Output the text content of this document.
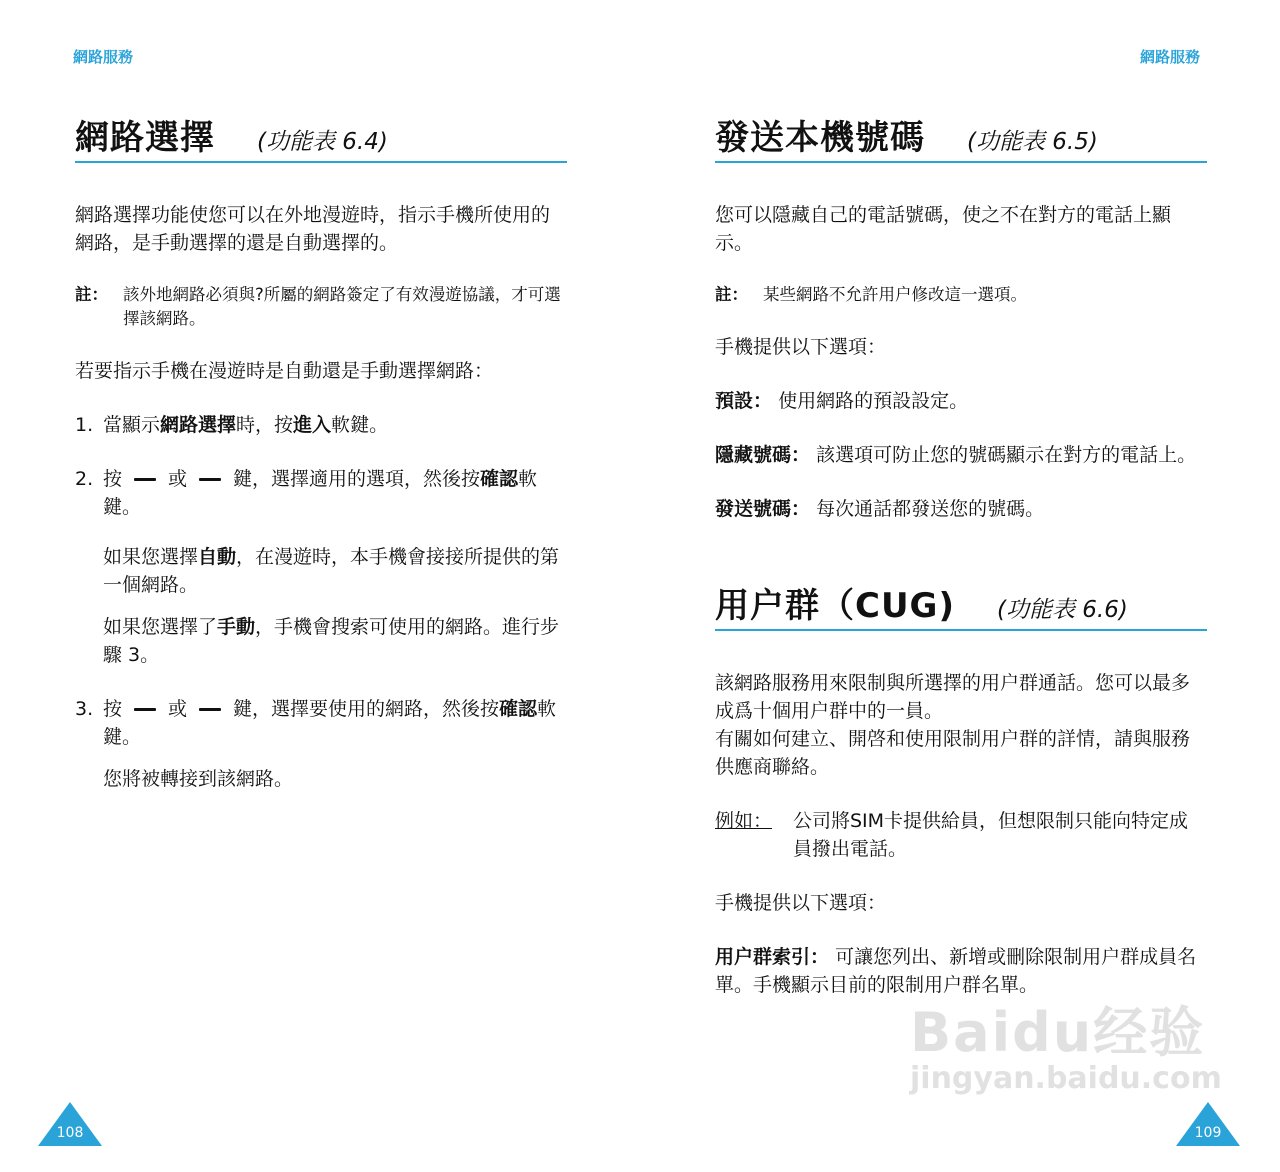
網路服務
網路選擇 (功能表 6.4)

網路選擇功能使您可以在外地漫遊時，指示手機所使用的網路，是手動選擇的還是自動選擇的。

註： 該外地網路必須與?所屬的網路簽定了有效漫遊協議，才可選擇該網路。

若要指示手機在漫遊時是自動還是手動選擇網路：

1. 當顯示網路選擇時，按進入軟鍵。
2. 按 或 鍵，選擇適用的選項，然後按確認軟鍵。
如果您選擇自動，在漫遊時，本手機會接接所提供的第一個網路。
如果您選擇了手動，手機會搜索可使用的網路。進行步驟 3。
3. 按 或 鍵，選擇要使用的網路，然後按確認軟鍵。
您將被轉接到該網路。
108
網路服務
發送本機號碼 (功能表 6.5)

您可以隱藏自己的電話號碼，使之不在對方的電話上顯示。

註： 某些網路不允許用户修改這一選項。

手機提供以下選項：

預設： 使用網路的預設設定。
隱藏號碼： 該選項可防止您的號碼顯示在對方的電話上。
發送號碼： 每次通話都發送您的號碼。
用户群（CUG) (功能表 6.6)

該網路服務用來限制與所選擇的用户群通話。您可以最多成爲十個用户群中的一員。

有關如何建立、開啓和使用限制用户群的詳情，請與服務供應商聯絡。

例如：	公司將SIM卡提供給員，但想限制只能向特定成員撥出電話。

手機提供以下選項：

用户群索引： 可讓您列出、新增或刪除限制用户群成員名單。手機顯示目前的限制用户群名單。
109
Baidu经验
jingyan.baidu.com
